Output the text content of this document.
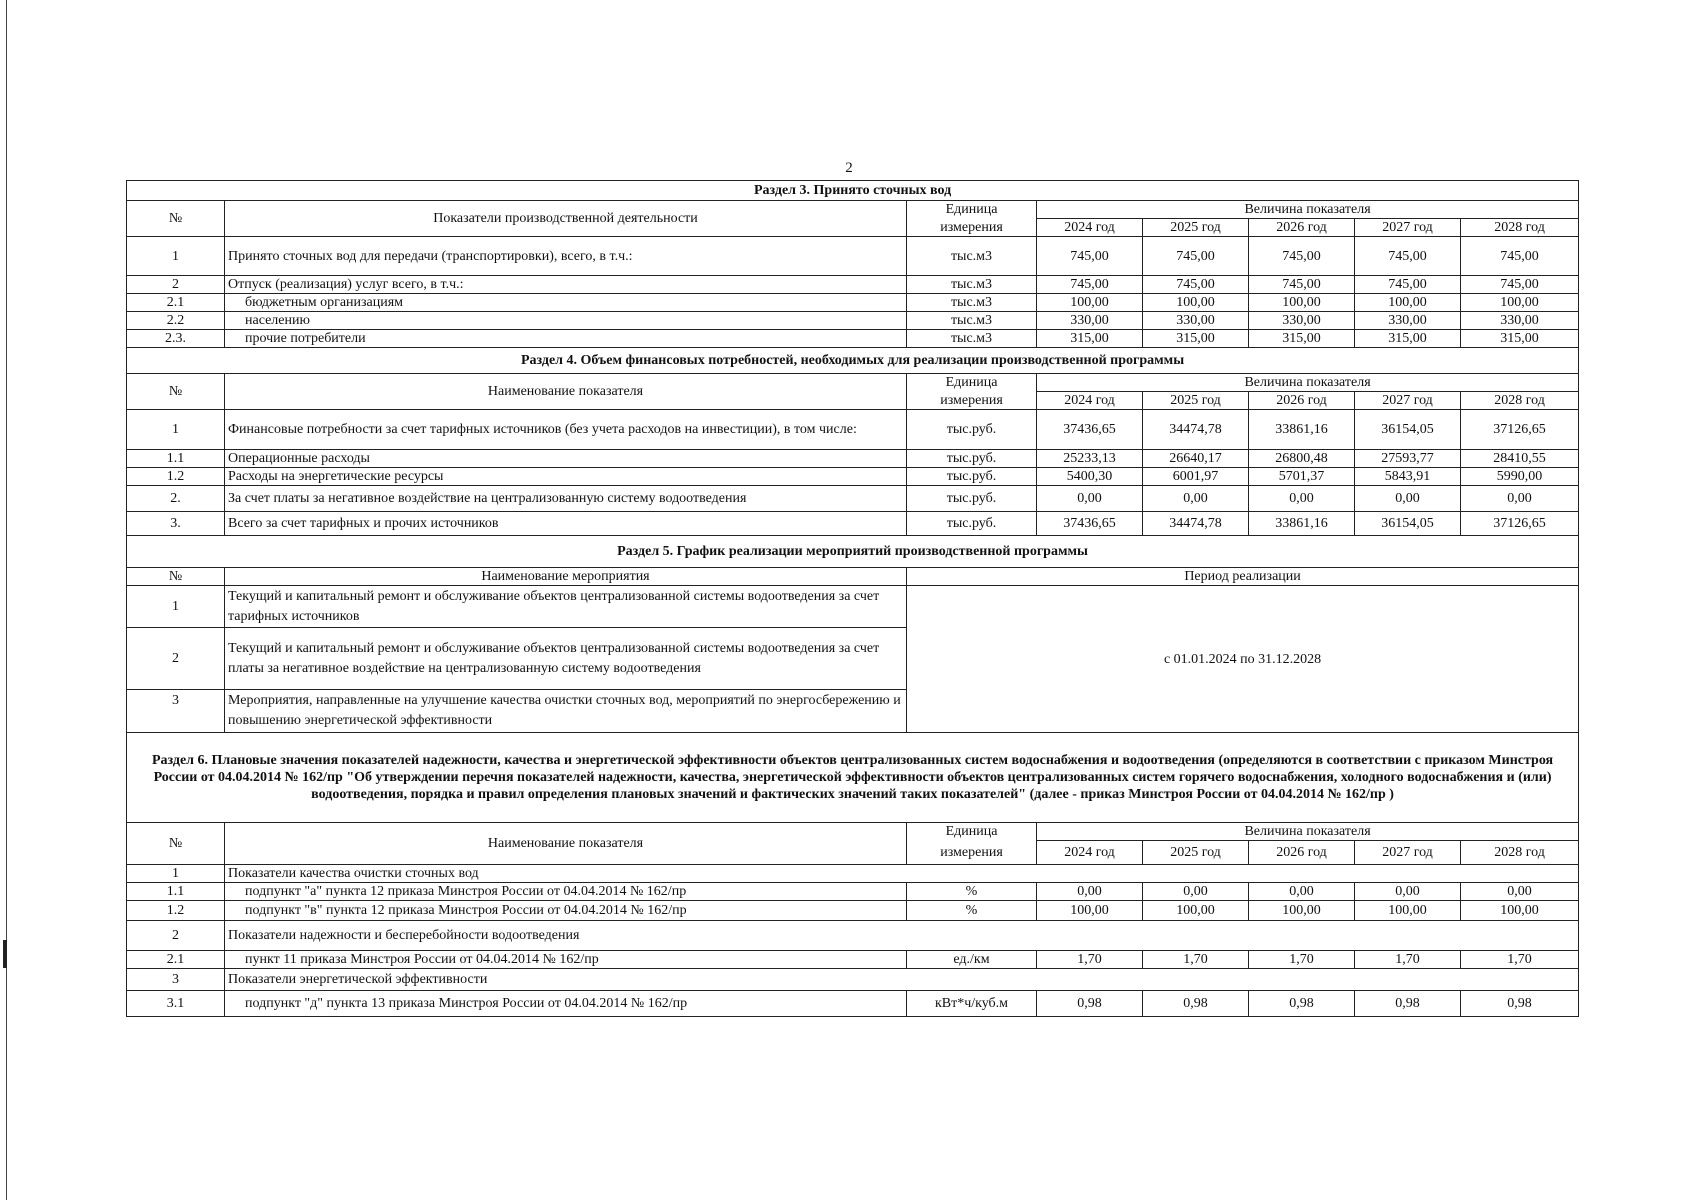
2
Раздел 3. Принято сточных вод							
№	Показатели производственной деятельности	Единица	Величина показателя				
		измерения	2024 год	2025 год	2026 год	2027 год	2028 год
1	Принято сточных вод для передачи (транспортировки), всего, в т.ч.:	тыс.м3	745,00	745,00	745,00	745,00	745,00
2	Отпуск (реализация) услуг всего, в т.ч.:	тыс.м3	745,00	745,00	745,00	745,00	745,00
2.1	бюджетным организациям	тыс.м3	100,00	100,00	100,00	100,00	100,00
2.2	населению	тыс.м3	330,00	330,00	330,00	330,00	330,00
2.3.	прочие потребители	тыс.м3	315,00	315,00	315,00	315,00	315,00
Раздел 4. Объем финансовых потребностей, необходимых для реализации производственной программы							
№	Наименование показателя	Единица	Величина показателя				
		измерения	2024 год	2025 год	2026 год	2027 год	2028 год
1	Финансовые потребности за счет тарифных источников (без учета расходов на инвестиции), в том числе:	тыс.руб.	37436,65	34474,78	33861,16	36154,05	37126,65
1.1	Операционные расходы	тыс.руб.	25233,13	26640,17	26800,48	27593,77	28410,55
1.2	Расходы на энергетические ресурсы	тыс.руб.	5400,30	6001,97	5701,37	5843,91	5990,00
2.	За счет платы за негативное воздействие на централизованную систему водоотведения	тыс.руб.	0,00	0,00	0,00	0,00	0,00
3.	Всего за счет тарифных и прочих источников	тыс.руб.	37436,65	34474,78	33861,16	36154,05	37126,65
Раздел 5. График реализации мероприятий производственной программы							
№	Наименование мероприятия	Период реализации					
1	Текущий и капитальный ремонт и обслуживание объектов централизованной системы водоотведения за счет тарифных источников	с 01.01.2024 по 31.12.2028					
2	Текущий и капитальный ремонт и обслуживание объектов централизованной системы водоотведения за счет платы за негативное воздействие на централизованную систему водоотведения						
3	Мероприятия, направленные на улучшение качества очистки сточных вод, мероприятий по энергосбережению и повышению энергетической эффективности						
Раздел 6. Плановые значения показателей надежности, качества и энергетической эффективности объектов централизованных систем водоснабжения и водоотведения (определяются в соответствии с приказом Минстроя России от 04.04.2014 № 162/пр "Об утверждении перечня показателей надежности, качества, энергетической эффективности объектов централизованных систем горячего водоснабжения, холодного водоснабжения и (или) водоотведения, порядка и правил определения плановых значений и фактических значений таких показателей" (далее - приказ Минстроя России от 04.04.2014 № 162/пр )							
№	Наименование показателя	Единица	Величина показателя				
		измерения	2024 год	2025 год	2026 год	2027 год	2028 год
1	Показатели качества очистки сточных вод						
1.1	подпункт "а" пункта 12 приказа Минстроя России от 04.04.2014 № 162/пр	%	0,00	0,00	0,00	0,00	0,00
1.2	подпункт "в" пункта 12 приказа Минстроя России от 04.04.2014 № 162/пр	%	100,00	100,00	100,00	100,00	100,00
2	Показатели надежности и бесперебойности водоотведения						
2.1	пункт 11 приказа Минстроя России от 04.04.2014 № 162/пр	ед./км	1,70	1,70	1,70	1,70	1,70
3	Показатели энергетической эффективности						
3.1	подпункт "д" пункта 13 приказа Минстроя России от 04.04.2014 № 162/пр	кВт*ч/куб.м	0,98	0,98	0,98	0,98	0,98
